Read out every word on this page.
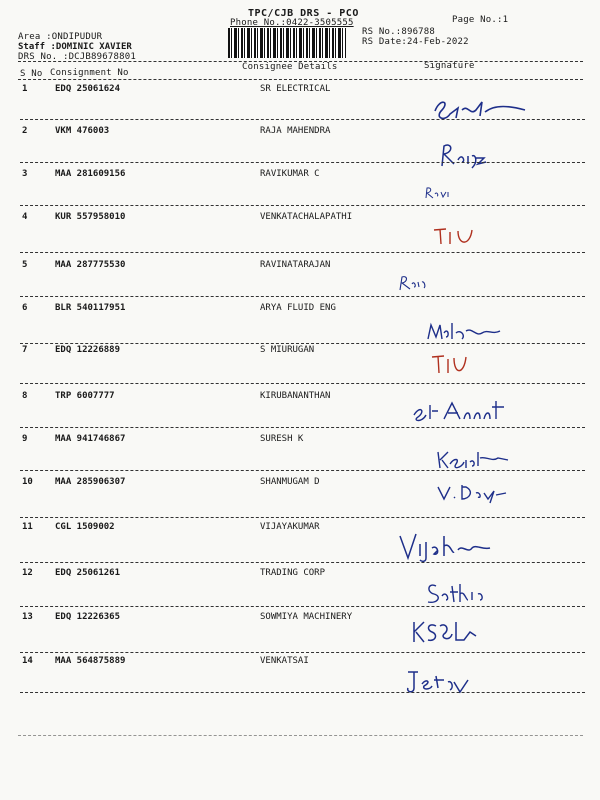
TPC/CJB DRS - PCO
Phone No.:0422-3505555	Page No.:1
Area :ONDIPUDUR
Staff :DOMINIC XAVIER
DRS No. :DCJB89678801
RS No.:896788
RS Date:24-Feb-2022
S No Consignment No
Consignee Details	Signature
1	EDQ 25061624	SR ELECTRICAL
2	VKM 476003	RAJA MAHENDRA
3	MAA 281609156	RAVIKUMAR C
4	KUR 557958010	VENKATACHALAPATHI
5	MAA 287775530	RAVINATARAJAN
6	BLR 540117951	ARYA FLUID ENG
7	EDQ 12226889	S MIURUGAN
8	TRP 6007777	KIRUBANANTHAN
9	MAA 941746867	SURESH K
10 MAA 285906307	SHANMUGAM D
11 CGL 1509002	VIJAYAKUMAR
12 EDQ 25061261	TRADING CORP
13 EDQ 12226365	SOWMIYA MACHINERY
14 MAA 564875889	VENKATSAI
